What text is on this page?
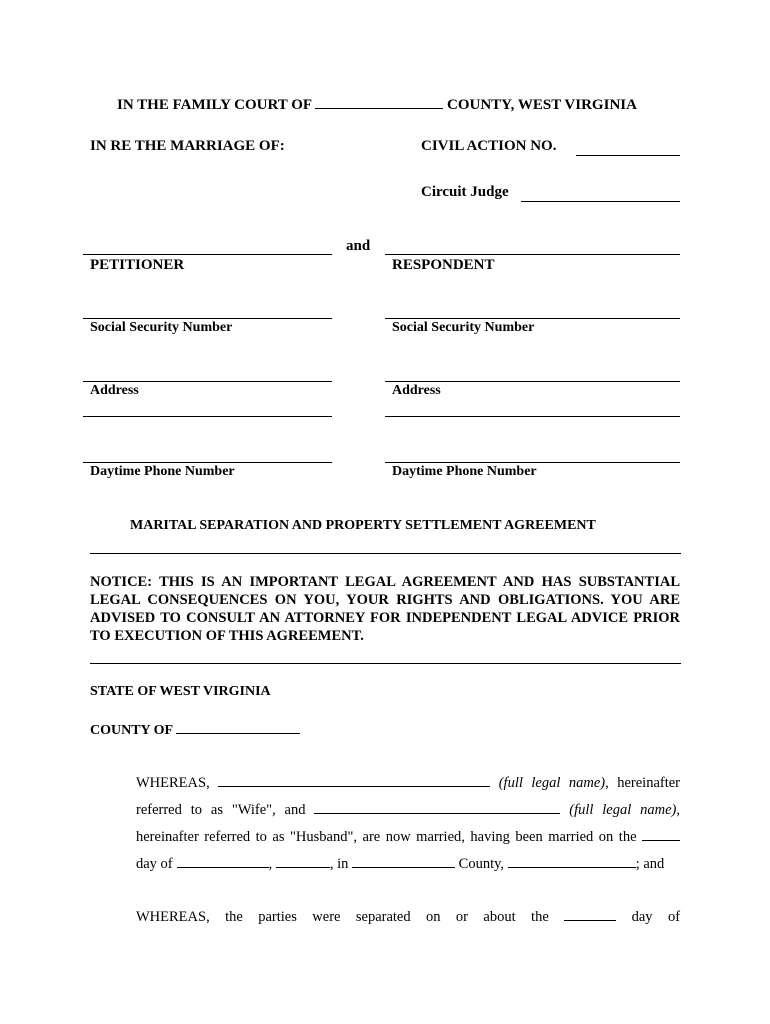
IN THE FAMILY COURT OF	COUNTY, WEST VIRGINIA
IN RE THE MARRIAGE OF:	CIVIL ACTION NO.
Circuit Judge
and
PETITIONER	RESPONDENT
Social Security Number	Social Security Number
Address	Address
Daytime Phone Number	Daytime Phone Number
MARITAL SEPARATION AND PROPERTY SETTLEMENT AGREEMENT
NOTICE: THIS IS AN IMPORTANT LEGAL AGREEMENT AND HAS SUBSTANTIAL LEGAL CONSEQUENCES ON YOU, YOUR RIGHTS AND OBLIGATIONS. YOU ARE ADVISED TO CONSULT AN ATTORNEY FOR INDEPENDENT LEGAL ADVICE PRIOR TO EXECUTION OF THIS AGREEMENT.
STATE OF WEST VIRGINIA
COUNTY OF
WHEREAS,	(full legal name), hereinafter
referred to as "Wife", and	(full legal name),
hereinafter referred to as "Husband", are now married, having been married on the
day of	,	, in	County,	; and
WHEREAS, the parties were separated on or about the	day of
